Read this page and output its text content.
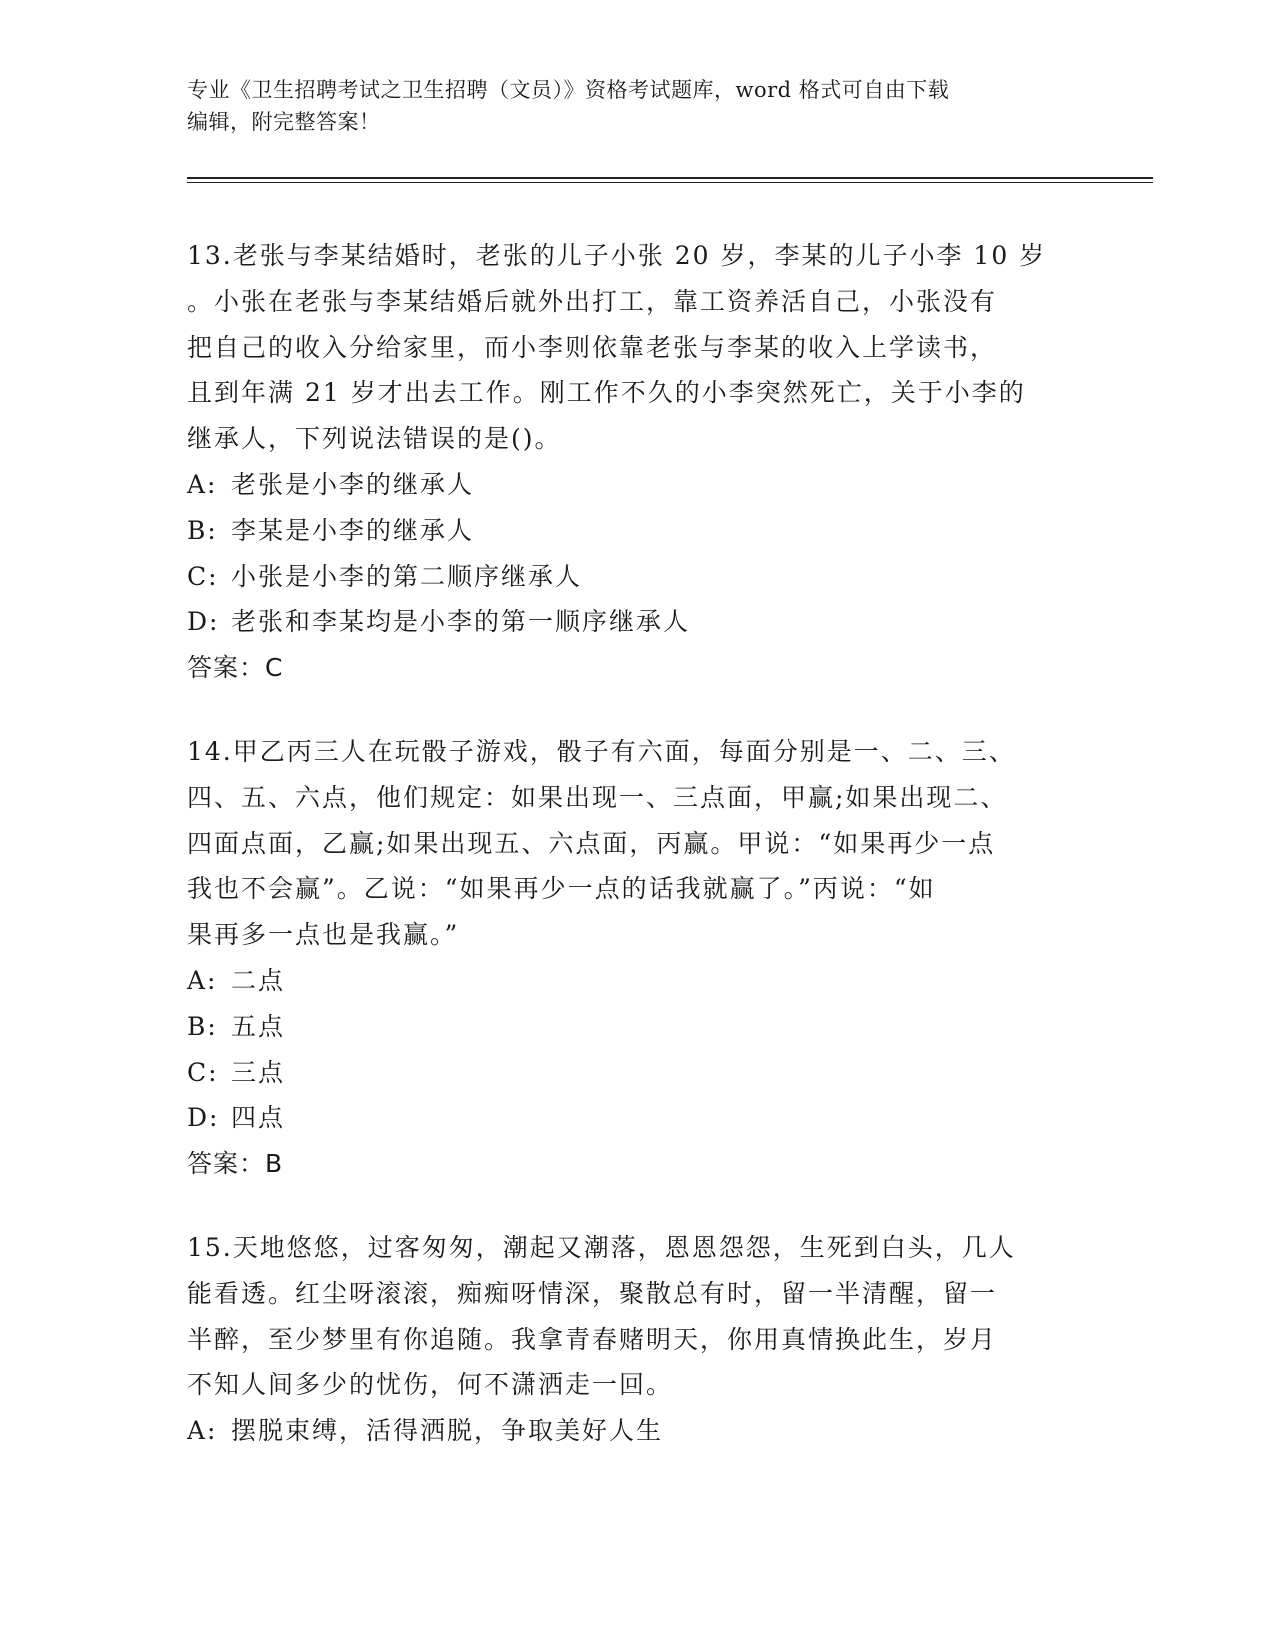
专业《卫生招聘考试之卫生招聘（文员）》资格考试题库，word 格式可自由下载
编辑，附完整答案！

13.老张与李某结婚时，老张的儿子小张 20 岁，李某的儿子小李 10 岁

。小张在老张与李某结婚后就外出打工，靠工资养活自己，小张没有

把自己的收入分给家里，而小李则依靠老张与李某的收入上学读书，

且到年满 21 岁才出去工作。刚工作不久的小李突然死亡，关于小李的

继承人，下列说法错误的是()。

A: 老张是小李的继承人

B: 李某是小李的继承人

C: 小张是小李的第二顺序继承人

D: 老张和李某均是小李的第一顺序继承人

答案：C

14.甲乙丙三人在玩骰子游戏，骰子有六面，每面分别是一、二、三、

四、五、六点，他们规定：如果出现一、三点面，甲赢;如果出现二、

四面点面，乙赢;如果出现五、六点面，丙赢。甲说：“如果再少一点

我也不会赢”。乙说：“如果再少一点的话我就赢了。”丙说：“如

果再多一点也是我赢。”

A: 二点

B: 五点

C: 三点

D: 四点

答案：B

15.天地悠悠，过客匆匆，潮起又潮落，恩恩怨怨，生死到白头，几人

能看透。红尘呀滚滚，痴痴呀情深，聚散总有时，留一半清醒，留一

半醉，至少梦里有你追随。我拿青春赌明天，你用真情换此生，岁月

不知人间多少的忧伤，何不潇洒走一回。

A: 摆脱束缚，活得洒脱，争取美好人生
